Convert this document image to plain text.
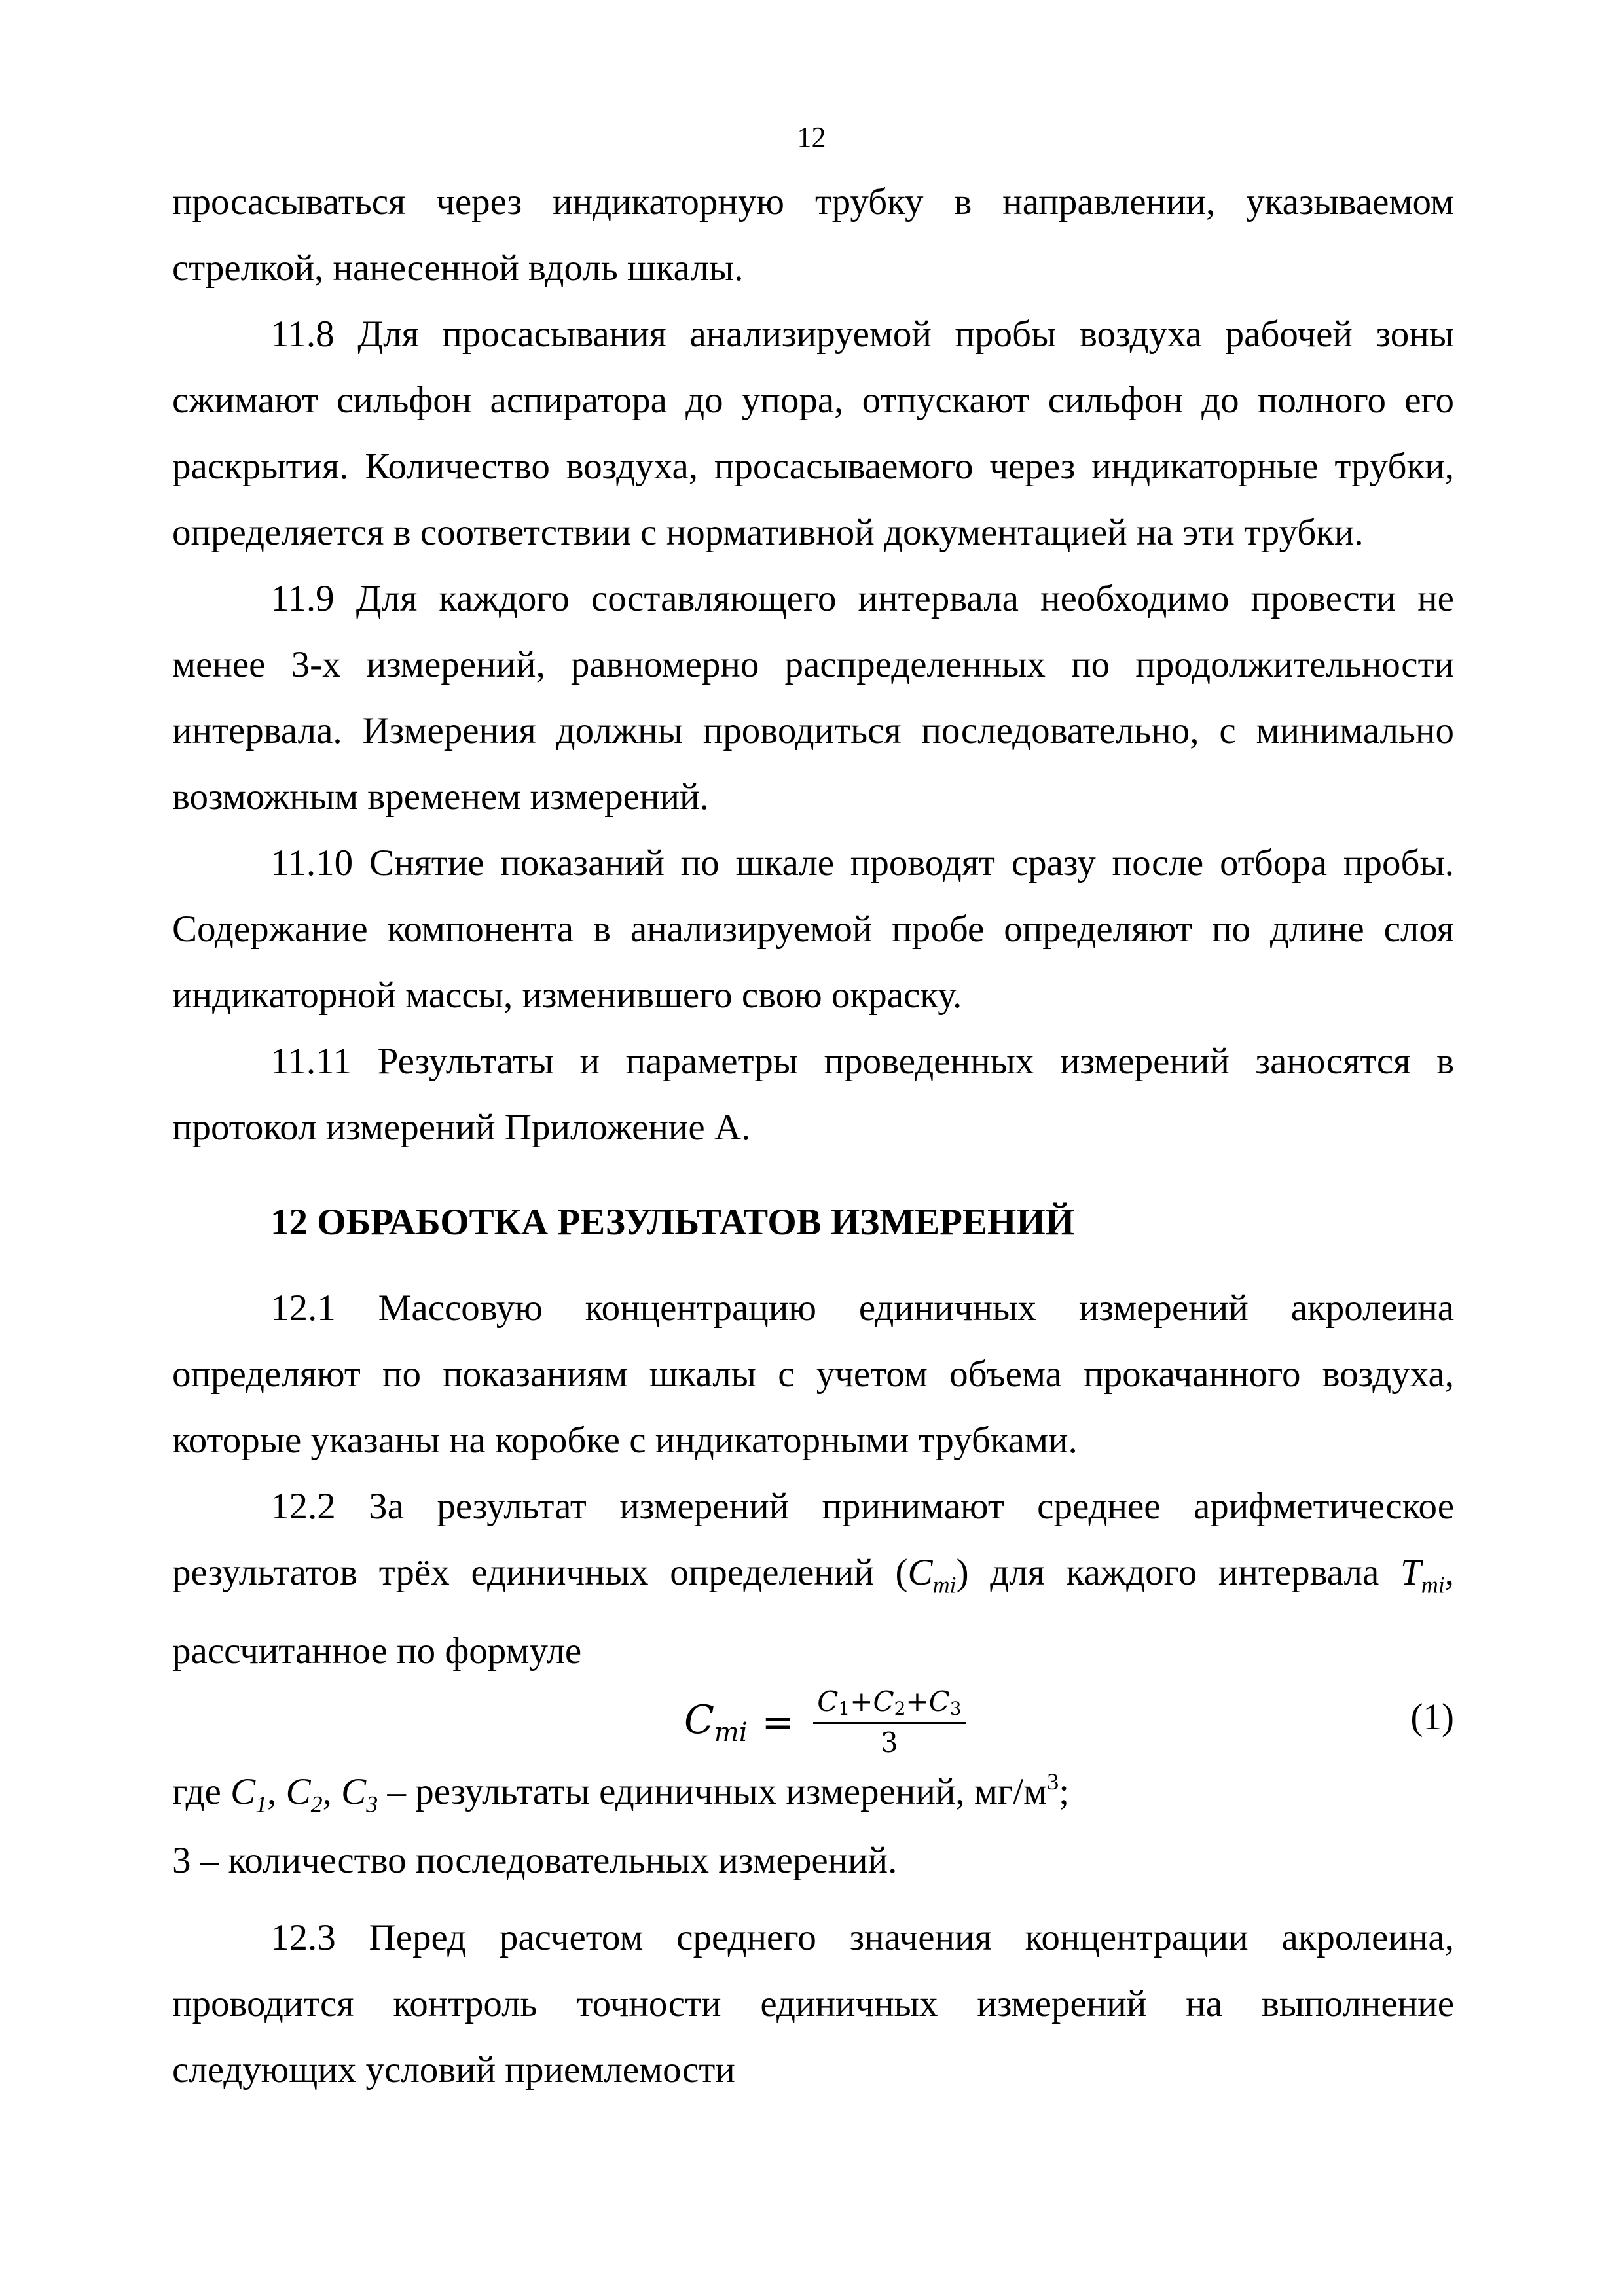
12

просасываться через индикаторную трубку в направлении, указываемом стрелкой, нанесенной вдоль шкалы.

11.8 Для просасывания анализируемой пробы воздуха рабочей зоны сжимают сильфон аспиратора до упора, отпускают сильфон до полного его раскрытия. Количество воздуха, просасываемого через индикаторные трубки, определяется в соответствии с нормативной документацией на эти трубки.

11.9 Для каждого составляющего интервала необходимо провести не менее 3-х измерений, равномерно распределенных по продолжительности интервала. Измерения должны проводиться последовательно, с минимально возможным временем измерений.

11.10 Снятие показаний по шкале проводят сразу после отбора пробы. Содержание компонента в анализируемой пробе определяют по длине слоя индикаторной массы, изменившего свою окраску.

11.11 Результаты и параметры проведенных измерений заносятся в протокол измерений Приложение А.

12 ОБРАБОТКА РЕЗУЛЬТАТОВ ИЗМЕРЕНИЙ

12.1 Массовую концентрацию единичных измерений акролеина определяют по показаниям шкалы с учетом объема прокачанного воздуха, которые указаны на коробке с индикаторными трубками.

12.2 За результат измерений принимают среднее арифметическое результатов трёх единичных определений $(C_{mi})$ для каждого интервала $T_{mi}$, рассчитанное по формуле

$C_{mi} = \frac{C_1+C_2+C_3}{3}$	(1)

где $C_1$, $C_2$, $C_3$ – результаты единичных измерений, $мг/м^3$;

3 – количество последовательных измерений.

12.3 Перед расчетом среднего значения концентрации акролеина, проводится контроль точности единичных измерений на выполнение следующих условий приемлемости
